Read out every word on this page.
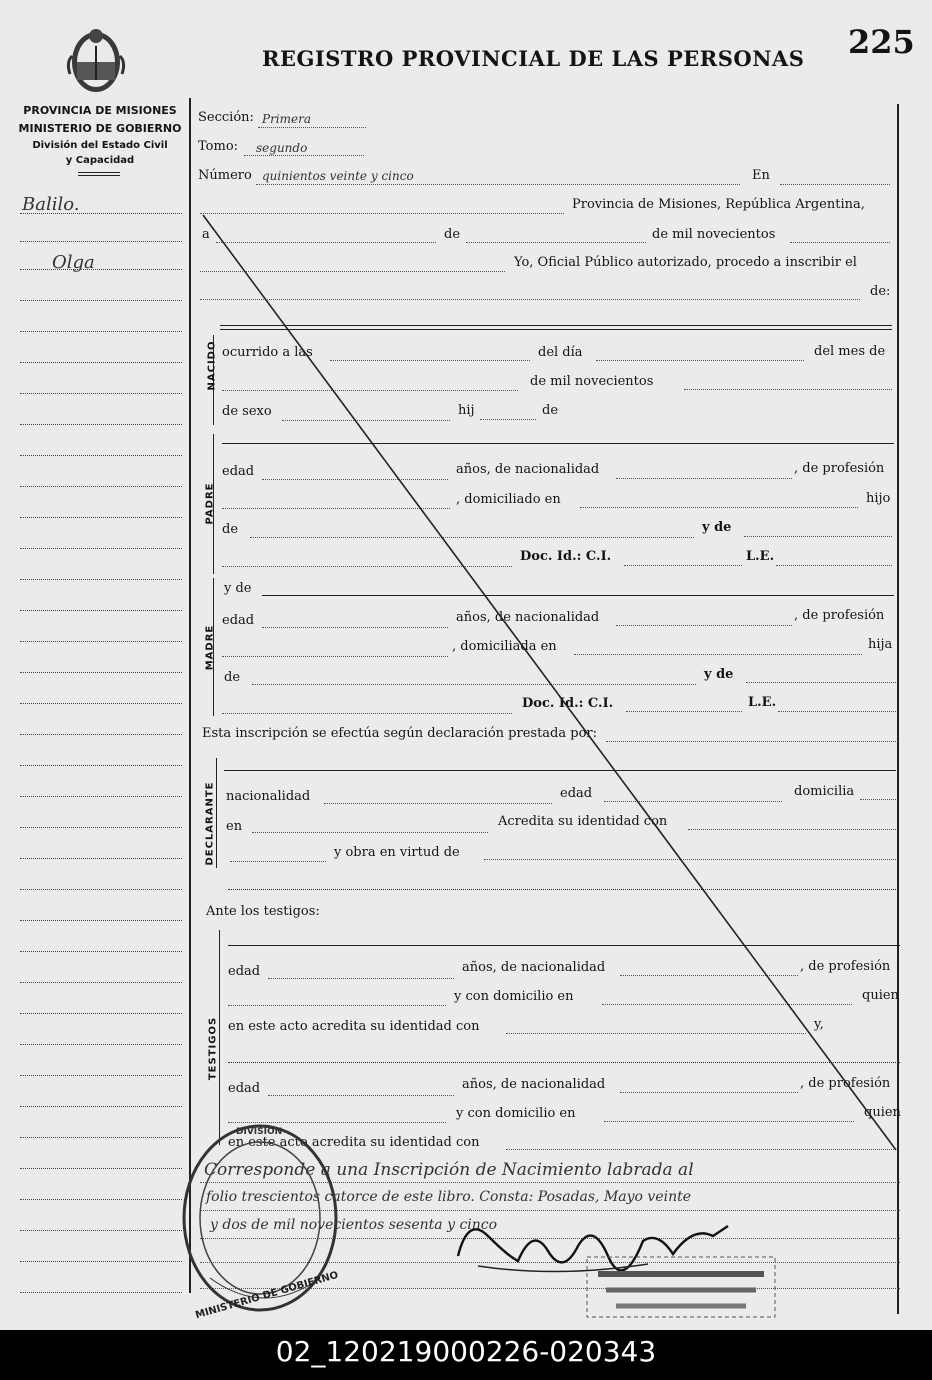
REGISTRO PROVINCIAL DE LAS PERSONAS 225
PROVINCIA DE MISIONES
MINISTERIO DE GOBIERNO
División del Estado Civil
y Capacidad
Balilo.
Olga
Sección: Primera
Tomo: segundo
Número quinientos veinte y cinco	En
Provincia de Misiones, República Argentina,
a	de	de mil novecientos
Yo, Oficial Público autorizado, procedo a inscribir el
de:
NACIDO ocurrido a las	del día	del mes de
de mil novecientos
de sexo	hij	de
PADRE
edad	años, de nacionalidad	, de profesión
, domiciliado en	hijo
de	y de
Doc. Id.: C.I.	L.E.
y de
MADRE
edad	años, de nacionalidad	, de profesión
, domiciliada en	hija
de	y de
Doc. Id.: C.I.	L.E.
Esta inscripción se efectúa según declaración prestada por:
DECLARANTE nacionalidad	edad	domicilia
en	Acredita su identidad con
y obra en virtud de
Ante los testigos:
TESTIGOS
edad	años, de nacionalidad	, de profesión
y con domicilio en	quien
en este acto acredita su identidad con	y,
edad	años, de nacionalidad	, de profesión
y con domicilio en	quien
en este acto acredita su identidad con
Corresponde a una Inscripción de Nacimiento labrada al
folio trescientos catorce de este libro. Consta: Posadas, Mayo veinte
y dos de mil novecientos sesenta y cinco
MINISTERIO DE GOBIERNO
DIVISION
02_120219000226-020343
